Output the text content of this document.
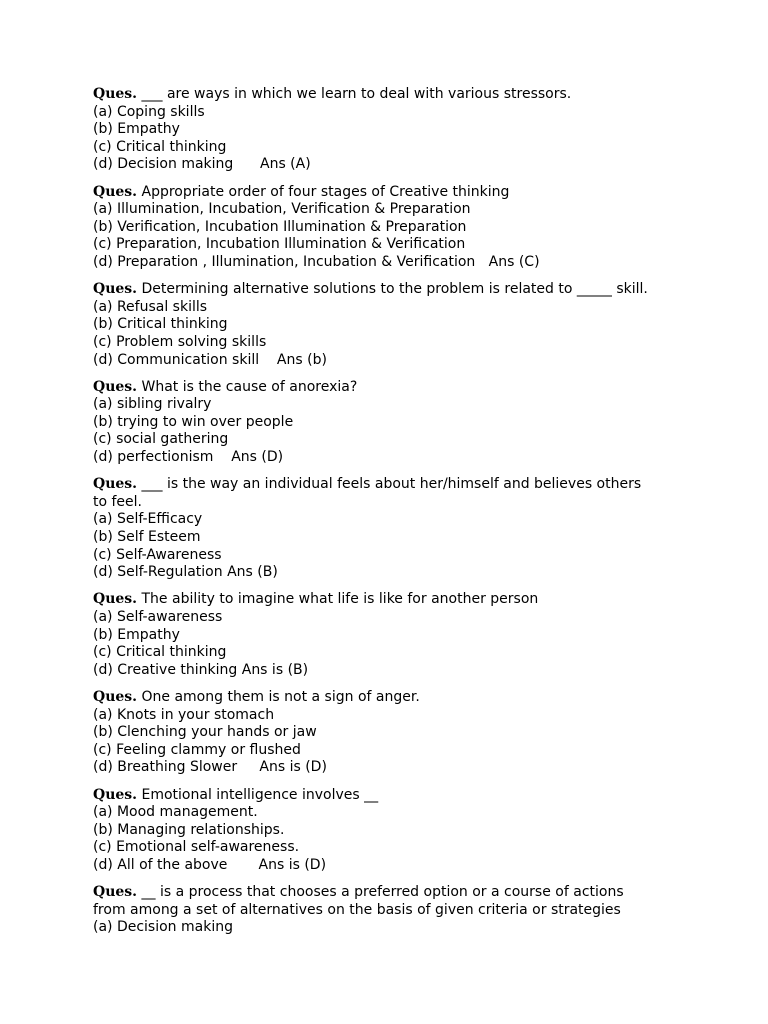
Ques. ___ are ways in which we learn to deal with various stressors.
(a) Coping skills
(b) Empathy
(c) Critical thinking
(d) Decision making      Ans (A)
Ques. Appropriate order of four stages of Creative thinking
(a) Illumination, Incubation, Verification & Preparation
(b) Verification, Incubation Illumination & Preparation
(c) Preparation, Incubation Illumination & Verification
(d) Preparation , Illumination, Incubation & Verification   Ans (C)
Ques. Determining alternative solutions to the problem is related to _____ skill.
(a) Refusal skills
(b) Critical thinking
(c) Problem solving skills
(d) Communication skill    Ans (b)
Ques. What is the cause of anorexia?
(a) sibling rivalry
(b) trying to win over people
(c) social gathering
(d) perfectionism    Ans (D)
Ques. ___ is the way an individual feels about her/himself and believes others to feel.
(a) Self-Efficacy
(b) Self Esteem
(c) Self-Awareness
(d) Self-Regulation Ans (B)
Ques. The ability to imagine what life is like for another person
(a) Self-awareness
(b) Empathy
(c) Critical thinking
(d) Creative thinking Ans is (B)
Ques. One among them is not a sign of anger.
(a) Knots in your stomach
(b) Clenching your hands or jaw
(c) Feeling clammy or flushed
(d) Breathing Slower     Ans is (D)
Ques. Emotional intelligence involves __
(a) Mood management.
(b) Managing relationships.
(c) Emotional self-awareness.
(d) All of the above       Ans is (D)
Ques. __ is a process that chooses a preferred option or a course of actions from among a set of alternatives on the basis of given criteria or strategies
(a) Decision making
